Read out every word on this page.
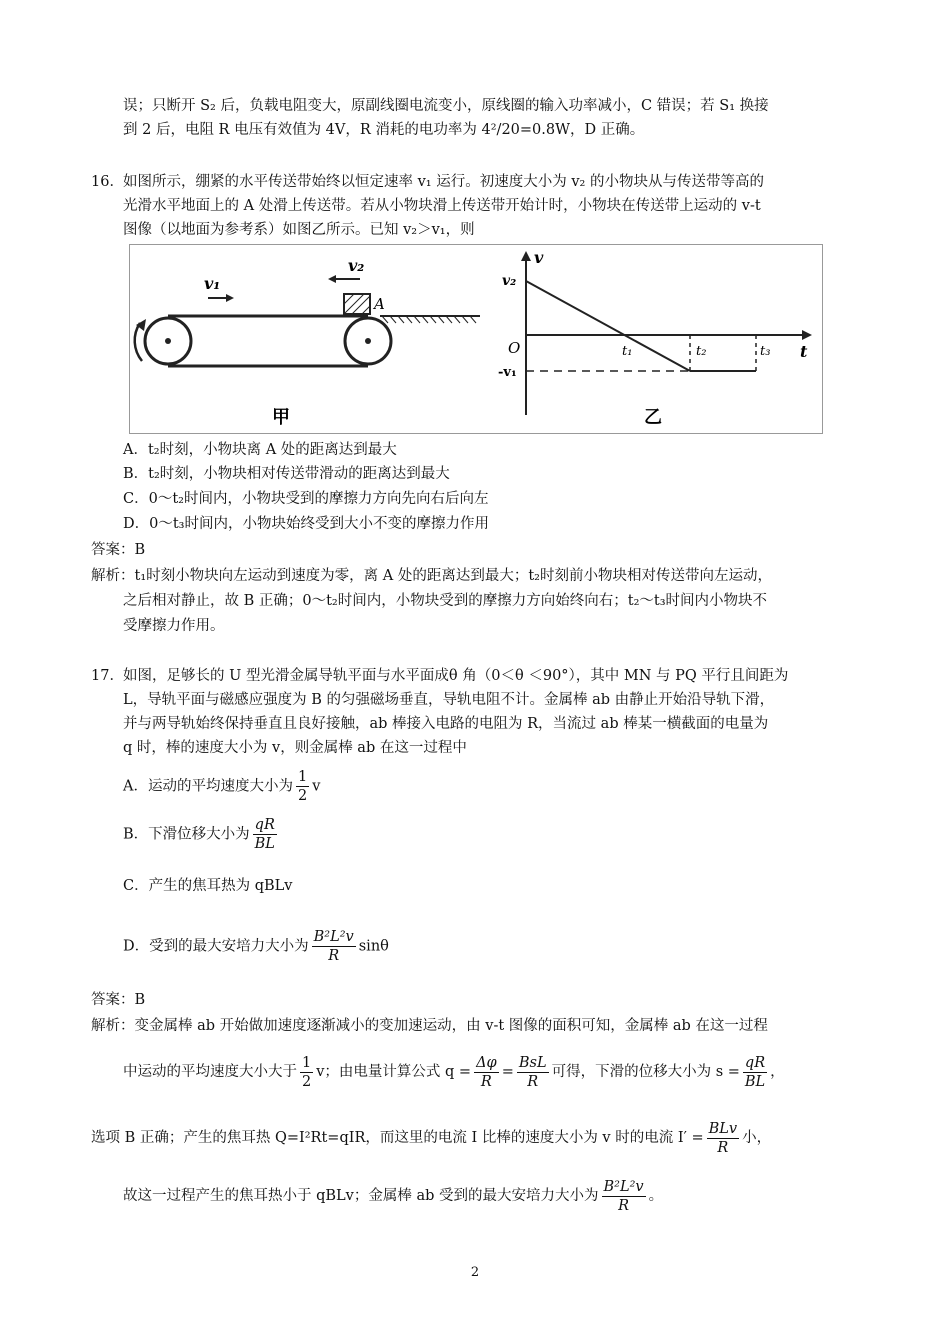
误；只断开 S₂ 后，负载电阻变大，原副线圈电流变小，原线圈的输入功率减小，C 错误；若 S₁ 换接
到 2 后，电阻 R 电压有效值为 4V，R 消耗的电功率为 4²/20=0.8W，D 正确。
16． 如图所示，绷紧的水平传送带始终以恒定速率 v₁ 运行。初速度大小为 v₂ 的小物块从与传送带等高的
光滑水平地面上的 A 处滑上传送带。若从小物块滑上传送带开始计时，小物块在传送带上运动的 v-t
图像（以地面为参考系）如图乙所示。已知 v₂＞v₁，则
v₁
v₂
A
甲
v
t
v₂
O
-v₁
t₁	t₂	t₃
乙
A．t₂时刻，小物块离 A 处的距离达到最大
B．t₂时刻，小物块相对传送带滑动的距离达到最大
C．0～t₂时间内，小物块受到的摩擦力方向先向右后向左
D．0～t₃时间内，小物块始终受到大小不变的摩擦力作用
答案：B
解析：t₁时刻小物块向左运动到速度为零，离 A 处的距离达到最大；t₂时刻前小物块相对传送带向左运动，
之后相对静止，故 B 正确；0～t₂时间内，小物块受到的摩擦力方向始终向右；t₂～t₃时间内小物块不
受摩擦力作用。
17． 如图，足够长的 U 型光滑金属导轨平面与水平面成θ 角（0＜θ ＜90°），其中 MN 与 PQ 平行且间距为
L，导轨平面与磁感应强度为 B 的匀强磁场垂直，导轨电阻不计。金属棒 ab 由静止开始沿导轨下滑，
并与两导轨始终保持垂直且良好接触，ab 棒接入电路的电阻为 R，当流过 ab 棒某一横截面的电量为
q 时，棒的速度大小为 v，则金属棒 ab 在这一过程中
A．运动的平均速度大小为 $\frac{1}{2}$ v
B．下滑位移大小为 $\frac{qR}{BL}$
C．产生的焦耳热为 qBLv
D．受到的最大安培力大小为 $\frac{\text{B²L²v}}{R}$ sinθ
答案：B
解析：变金属棒 ab 开始做加速度逐渐减小的变加速运动，由 v-t 图像的面积可知，金属棒 ab 在这一过程
中运动的平均速度大小大于 $\frac{1}{2}$ v；由电量计算公式 $q = \frac{\Delta\varphi}{R} = \frac{\text{BsL}}{R}$ 可得，下滑的位移大小为 $s = \frac{qR}{BL}$ ，
选项 B 正确；产生的焦耳热 Q=I²Rt=qIR，而这里的电流 I 比棒的速度大小为 v 时的电流 $I' = \frac{\text{BLv}}{R}$ 小，
故这一过程产生的焦耳热小于 qBLv；金属棒 ab 受到的最大安培力大小为 $\frac{\text{B²L²v}}{R}$ 。
2
